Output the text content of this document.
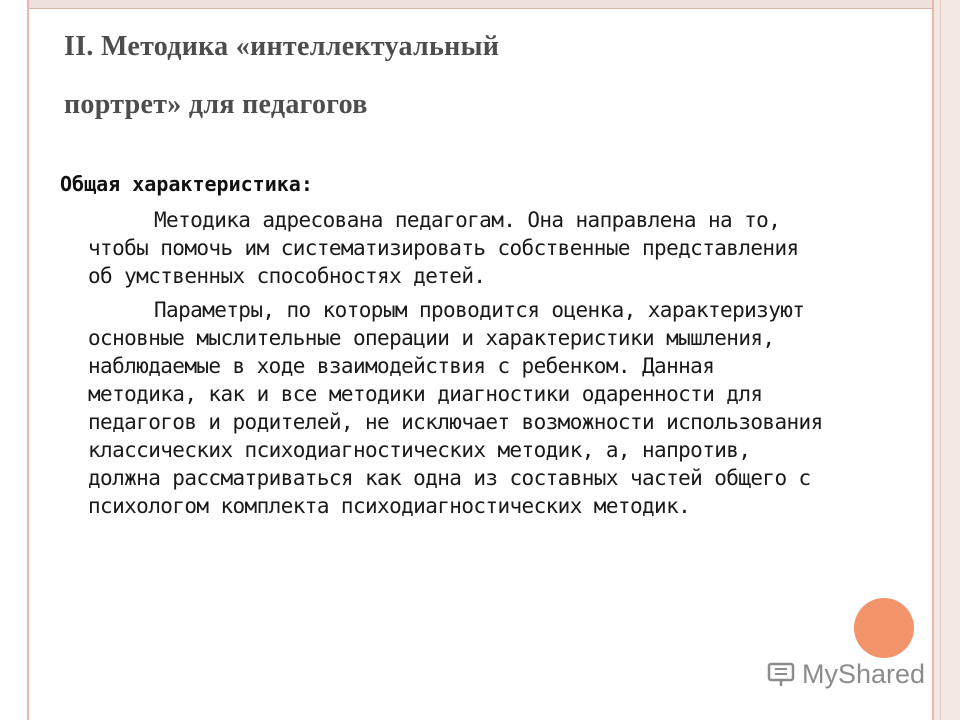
II. Методика «интеллектуальный
портрет» для педагогов
Общая характеристика:

Методика адресована педагогам. Она направлена на то, чтобы помочь им систематизировать собственные представления об умственных способностях детей.

Параметры, по которым проводится оценка, характеризуют основные мыслительные операции и характеристики мышления, наблюдаемые в ходе взаимодействия с ребенком. Данная методика, как и все методики диагностики одаренности для педагогов и родителей, не исключает возможности использования классических психодиагностических методик, а, напротив, должна рассматриваться как одна из составных частей общего с психологом комплекта психодиагностических методик.

MyShared
